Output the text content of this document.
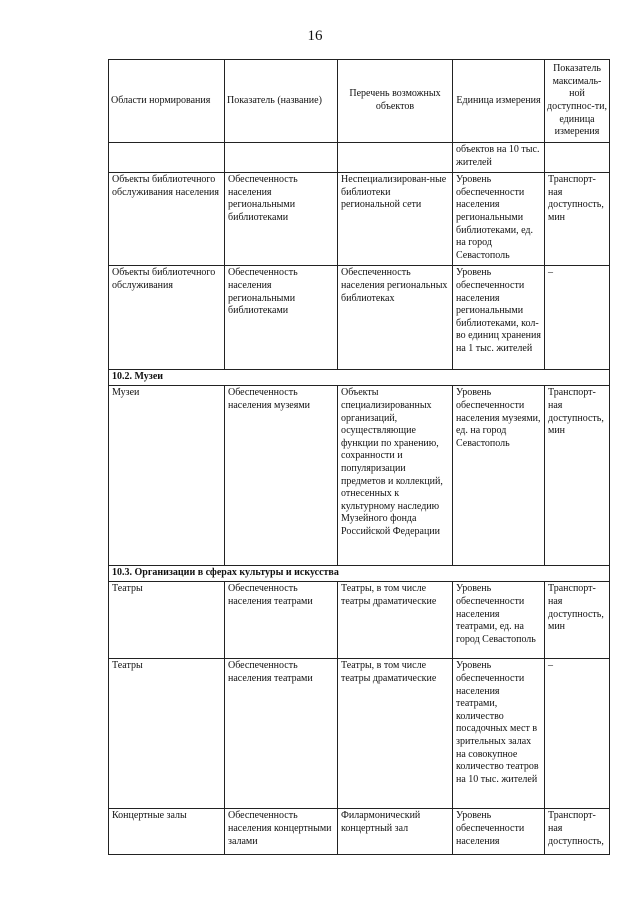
16
Области нормирования	Показатель (название)	Перечень возможных объектов	Единица измерения	Показатель максималь-ной доступнос-ти, единица измерения
			объектов на 10 тыс. жителей	
Объекты библиотечного обслуживания населения	Обеспеченность населения региональными библиотеками	Неспециализирован-ные библиотеки региональной сети	Уровень обеспеченности населения региональными библиотеками, ед. на город Севастополь	Транспорт-ная доступность, мин
Объекты библиотечного обслуживания	Обеспеченность населения региональными библиотеками	Обеспеченность населения региональных библиотеках	Уровень обеспеченности населения региональными библиотеками, кол-во единиц хранения на 1 тыс. жителей	–
10.2. Музеи				
Музеи	Обеспеченность населения музеями	Объекты специализированных организаций, осуществляющие функции по хранению, сохранности и популяризации предметов и коллекций, отнесенных к культурному наследию Музейного фонда Российской Федерации	Уровень обеспеченности населения музеями, ед. на город Севастополь	Транспорт-ная доступность, мин
10.3. Организации в сферах культуры и искусства				
Театры	Обеспеченность населения театрами	Театры, в том числе театры драматические	Уровень обеспеченности населения театрами, ед. на город Севастополь	Транспорт-ная доступность, мин
Театры	Обеспеченность населения театрами	Театры, в том числе театры драматические	Уровень обеспеченности населения театрами, количество посадочных мест в зрительных залах на совокупное количество театров на 10 тыс. жителей	–
Концертные залы	Обеспеченность населения концертными залами	Филармонический концертный зал	Уровень обеспеченности населения	Транспорт-ная доступность,
